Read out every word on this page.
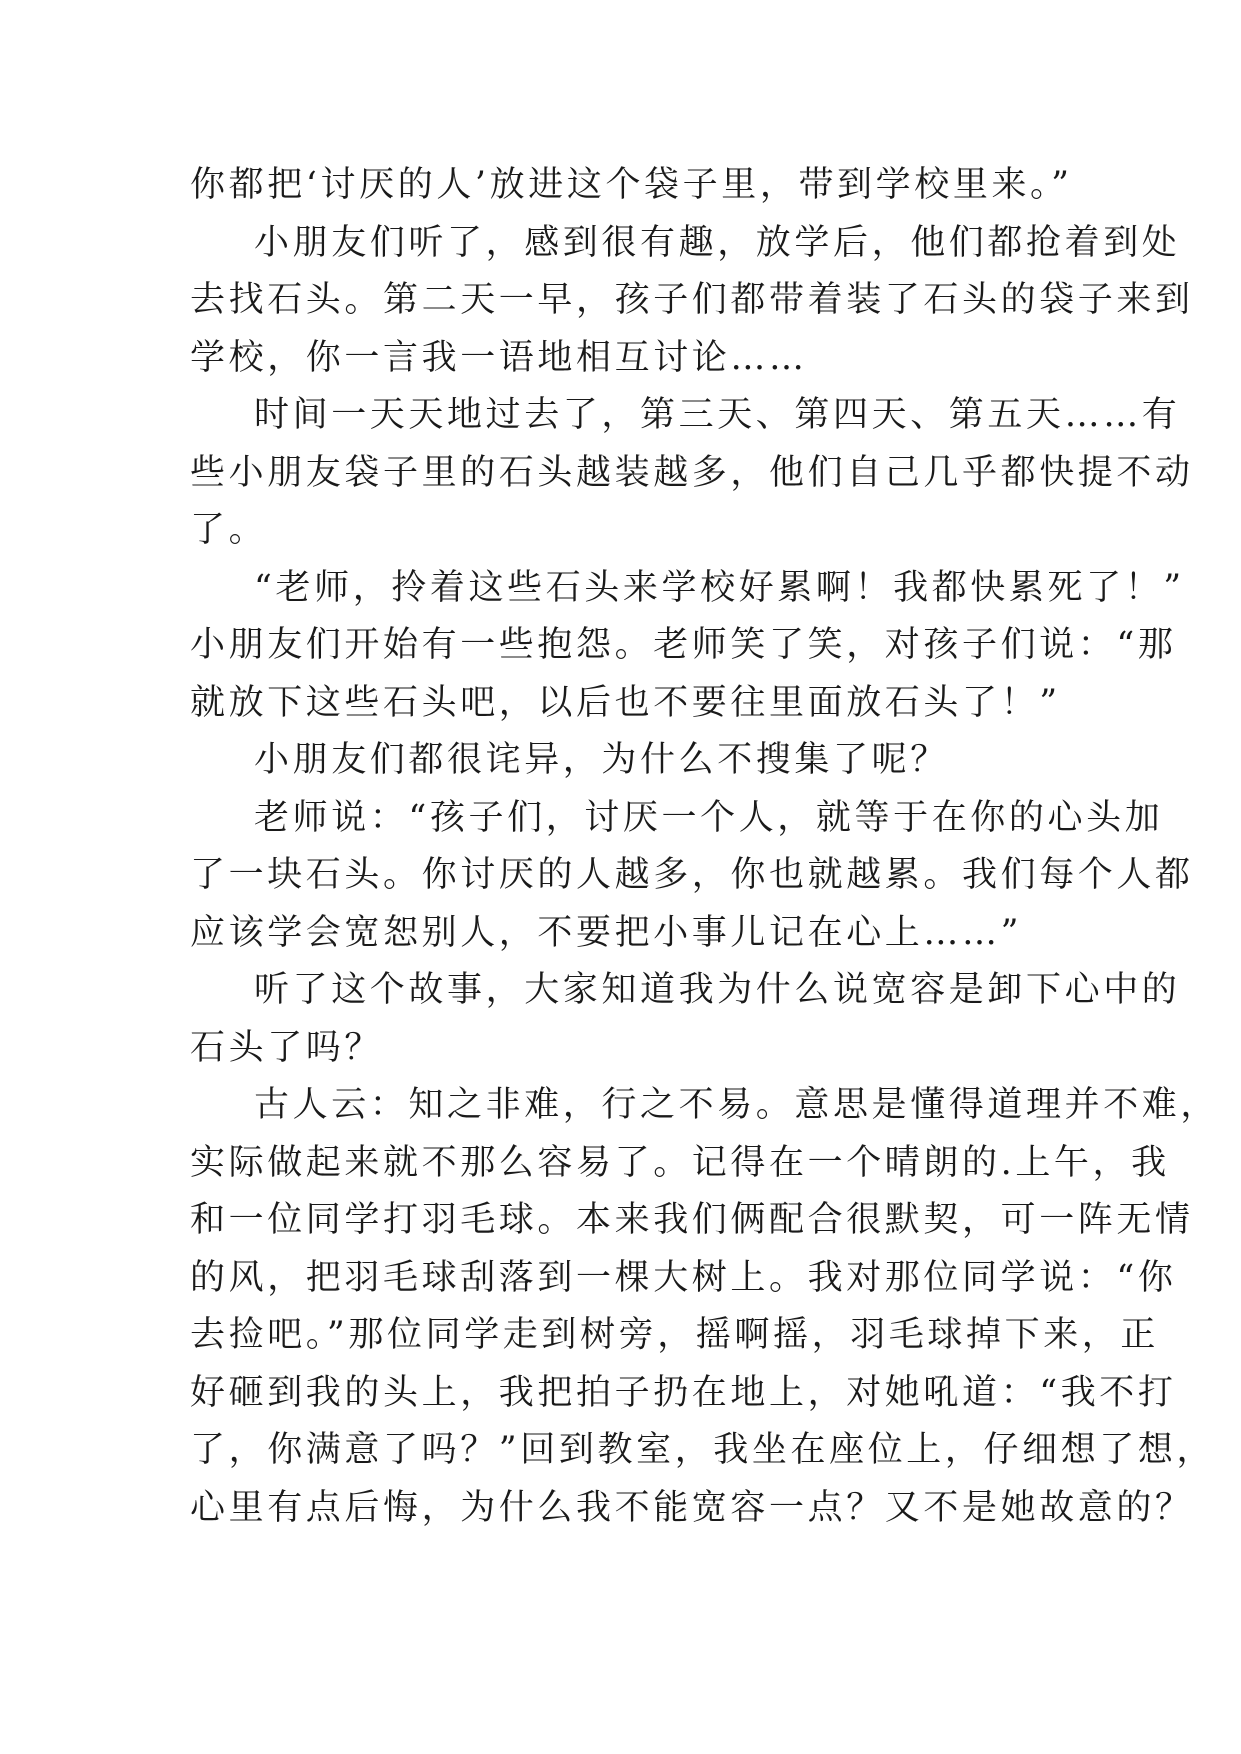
你都把‘讨厌的人’放进这个袋子里，带到学校里来。”
小朋友们听了，感到很有趣，放学后，他们都抢着到处
去找石头。第二天一早，孩子们都带着装了石头的袋子来到
学校，你一言我一语地相互讨论……
时间一天天地过去了，第三天、第四天、第五天……有
些小朋友袋子里的石头越装越多，他们自己几乎都快提不动
了。
“老师，拎着这些石头来学校好累啊！我都快累死了！”
小朋友们开始有一些抱怨。老师笑了笑，对孩子们说：“那
就放下这些石头吧，以后也不要往里面放石头了！”
小朋友们都很诧异，为什么不搜集了呢？
老师说：“孩子们，讨厌一个人，就等于在你的心头加
了一块石头。你讨厌的人越多，你也就越累。我们每个人都
应该学会宽恕别人，不要把小事儿记在心上……”
听了这个故事，大家知道我为什么说宽容是卸下心中的
石头了吗？
古人云：知之非难，行之不易。意思是懂得道理并不难，
实际做起来就不那么容易了。记得在一个晴朗的.上午，我
和一位同学打羽毛球。本来我们俩配合很默契，可一阵无情
的风，把羽毛球刮落到一棵大树上。我对那位同学说：“你
去捡吧。”那位同学走到树旁，摇啊摇，羽毛球掉下来，正
好砸到我的头上，我把拍子扔在地上，对她吼道：“我不打
了，你满意了吗？”回到教室，我坐在座位上，仔细想了想，
心里有点后悔，为什么我不能宽容一点？又不是她故意的？
